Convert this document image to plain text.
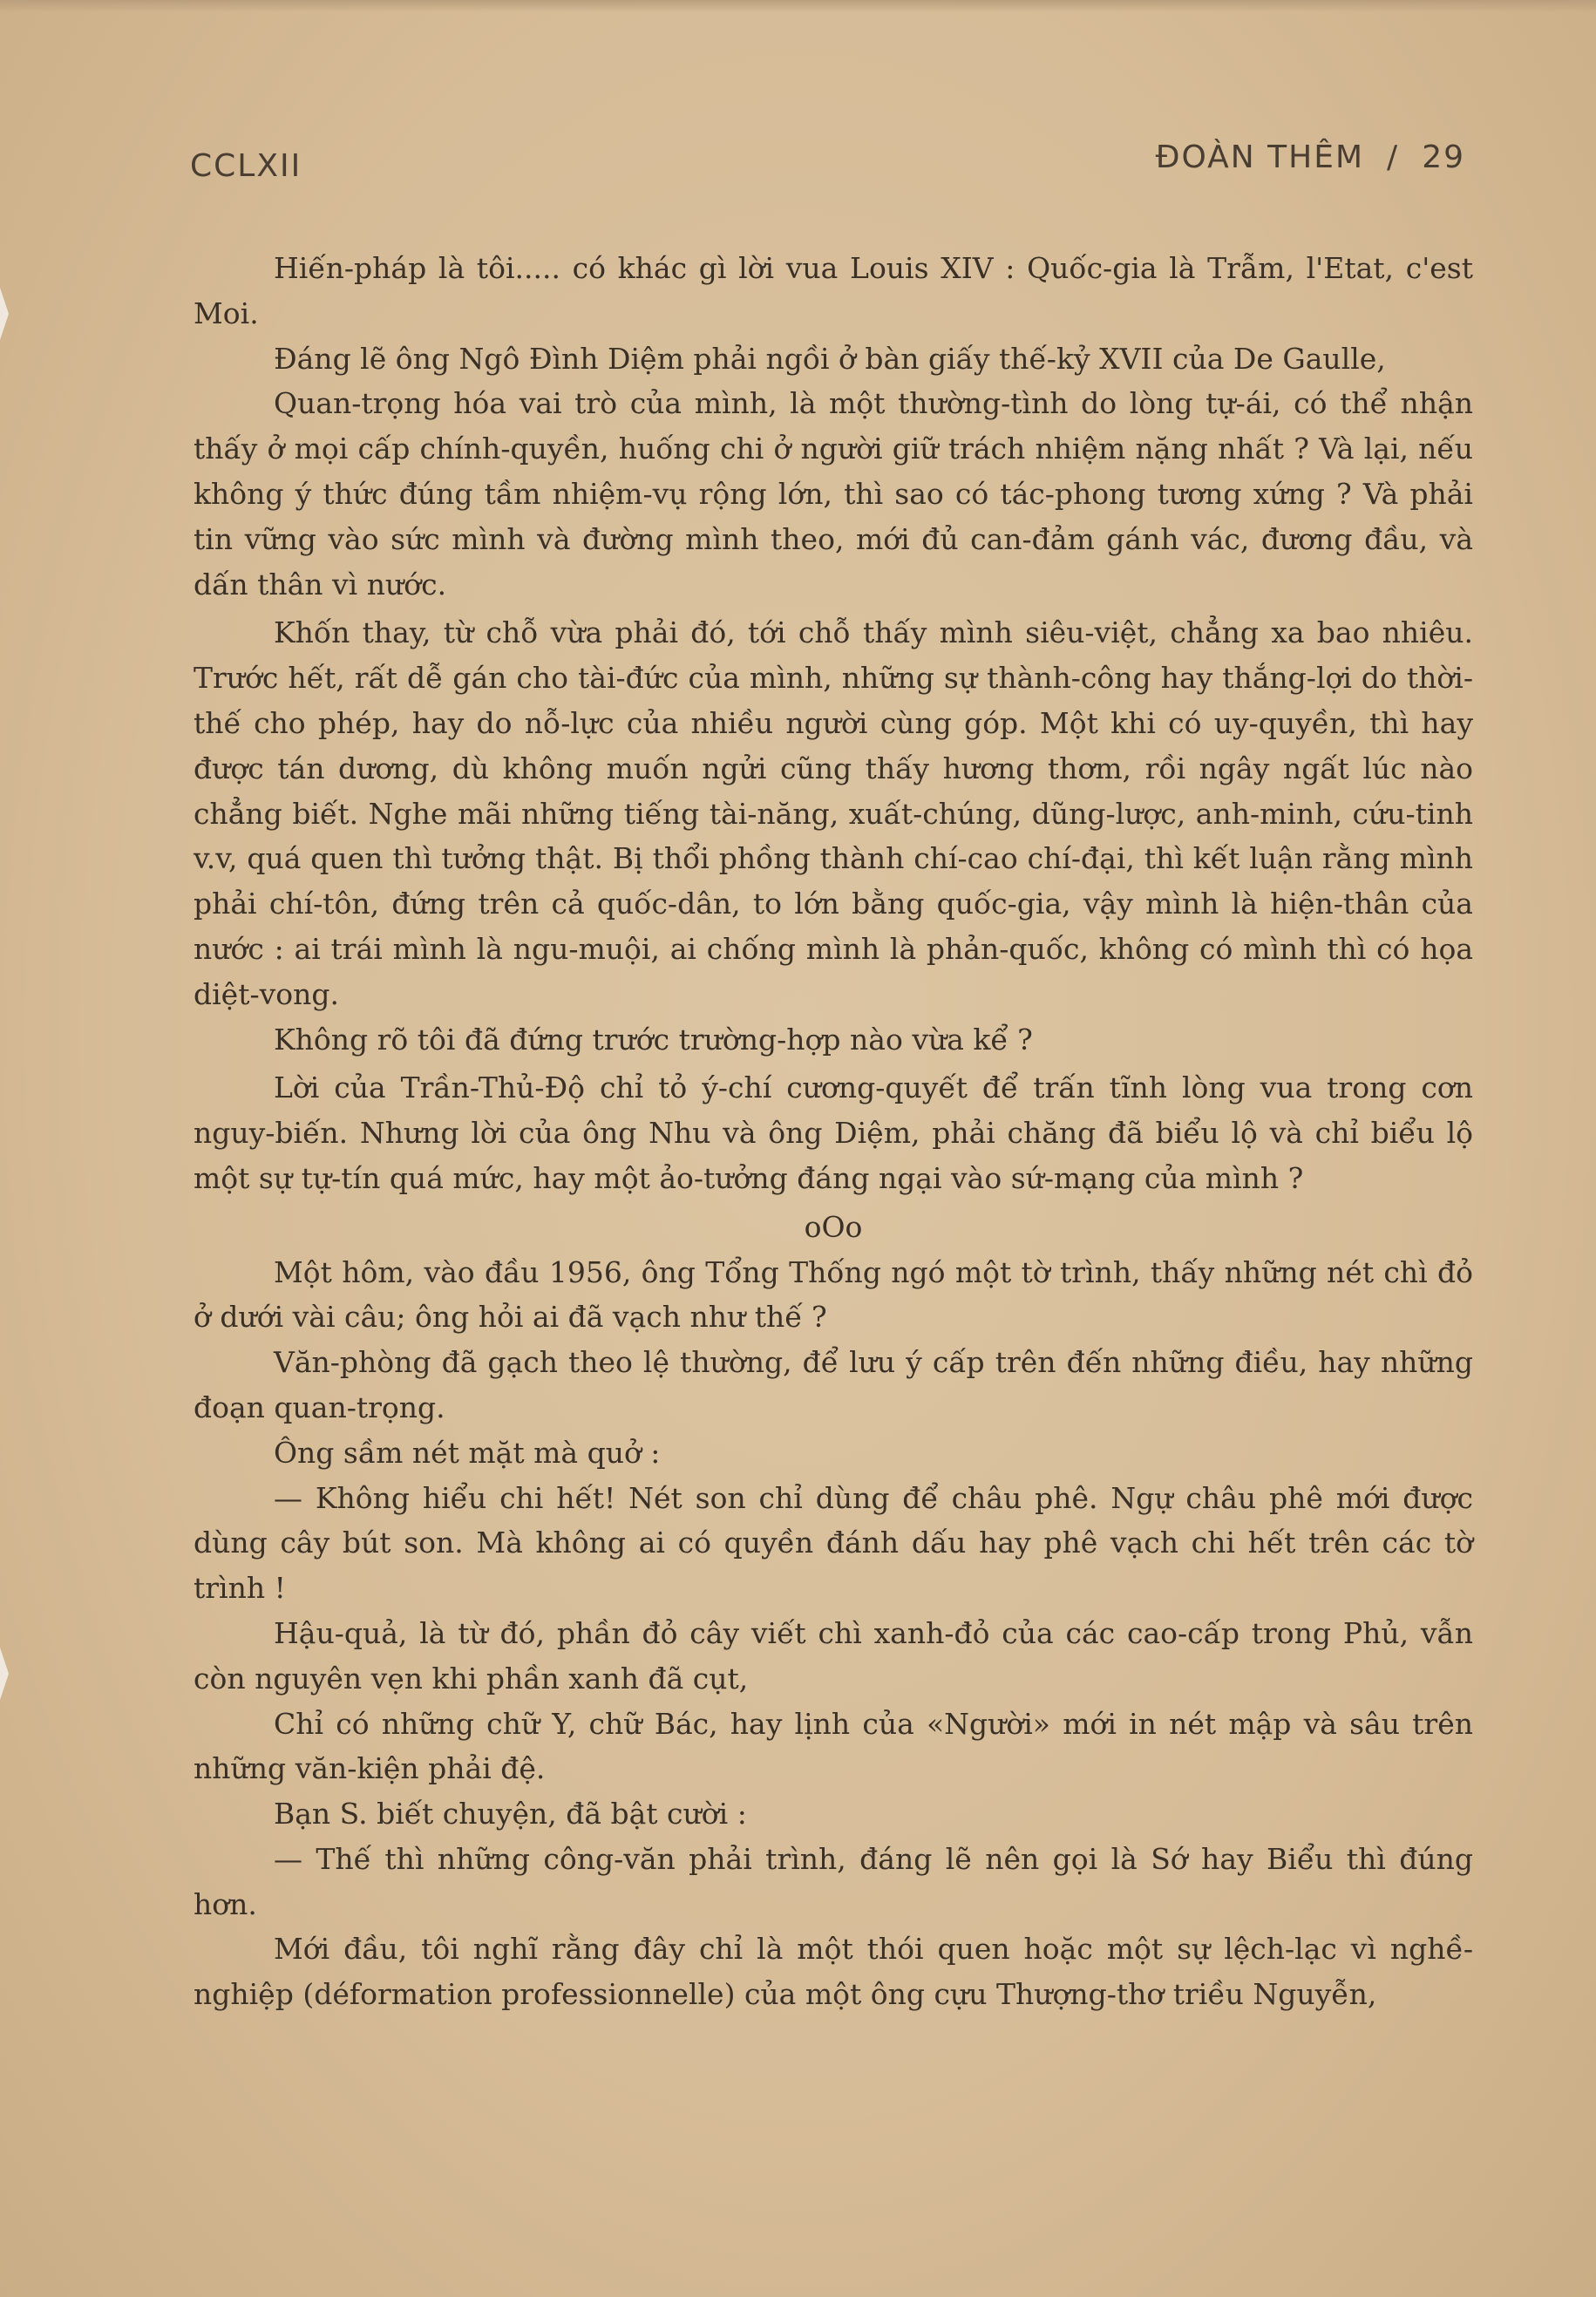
CCLXII	ĐOÀN THÊM / 29

Hiến-pháp là tôi..... có khác gì lời vua Louis XIV : Quốc-gia là Trẫm, l'Etat, c'est Moi.

Đáng lẽ ông Ngô Đình Diệm phải ngồi ở bàn giấy thế-kỷ XVII của De Gaulle,

Quan-trọng hóa vai trò của mình, là một thường-tình do lòng tự-ái, có thể nhận thấy ở mọi cấp chính-quyền, huống chi ở người giữ trách nhiệm nặng nhất ? Và lại, nếu không ý thức đúng tầm nhiệm-vụ rộng lớn, thì sao có tác-phong tương xứng ? Và phải tin vững vào sức mình và đường mình theo, mới đủ can-đảm gánh vác, đương đầu, và dấn thân vì nước.

Khốn thay, từ chỗ vừa phải đó, tới chỗ thấy mình siêu-việt, chẳng xa bao nhiêu. Trước hết, rất dễ gán cho tài-đức của mình, những sự thành-công hay thắng-lợi do thời-thế cho phép, hay do nỗ-lực của nhiều người cùng góp. Một khi có uy-quyền, thì hay được tán dương, dù không muốn ngửi cũng thấy hương thơm, rồi ngây ngất lúc nào chẳng biết. Nghe mãi những tiếng tài-năng, xuất-chúng, dũng-lược, anh-minh, cứu-tinh v.v, quá quen thì tưởng thật. Bị thổi phồng thành chí-cao chí-đại, thì kết luận rằng mình phải chí-tôn, đứng trên cả quốc-dân, to lớn bằng quốc-gia, vậy mình là hiện-thân của nước : ai trái mình là ngu-muội, ai chống mình là phản-quốc, không có mình thì có họa diệt-vong.

Không rõ tôi đã đứng trước trường-hợp nào vừa kể ?

Lời của Trần-Thủ-Độ chỉ tỏ ý-chí cương-quyết để trấn tĩnh lòng vua trong cơn nguy-biến. Nhưng lời của ông Nhu và ông Diệm, phải chăng đã biểu lộ và chỉ biểu lộ một sự tự-tín quá mức, hay một ảo-tưởng đáng ngại vào sứ-mạng của mình ?

oOo

Một hôm, vào đầu 1956, ông Tổng Thống ngó một tờ trình, thấy những nét chì đỏ ở dưới vài câu; ông hỏi ai đã vạch như thế ?

Văn-phòng đã gạch theo lệ thường, để lưu ý cấp trên đến những điều, hay những đoạn quan-trọng.

Ông sầm nét mặt mà quở :

— Không hiểu chi hết! Nét son chỉ dùng để châu phê. Ngự châu phê mới được dùng cây bút son. Mà không ai có quyền đánh dấu hay phê vạch chi hết trên các tờ trình !

Hậu-quả, là từ đó, phần đỏ cây viết chì xanh-đỏ của các cao-cấp trong Phủ, vẫn còn nguyên vẹn khi phần xanh đã cụt,

Chỉ có những chữ Y, chữ Bác, hay lịnh của «Người» mới in nét mập và sâu trên những văn-kiện phải đệ.

Bạn S. biết chuyện, đã bật cười :

— Thế thì những công-văn phải trình, đáng lẽ nên gọi là Sớ hay Biểu thì đúng hơn.

Mới đầu, tôi nghĩ rằng đây chỉ là một thói quen hoặc một sự lệch-lạc vì nghề-nghiệp (déformation professionnelle) của một ông cựu Thượng-thơ triều Nguyễn,
